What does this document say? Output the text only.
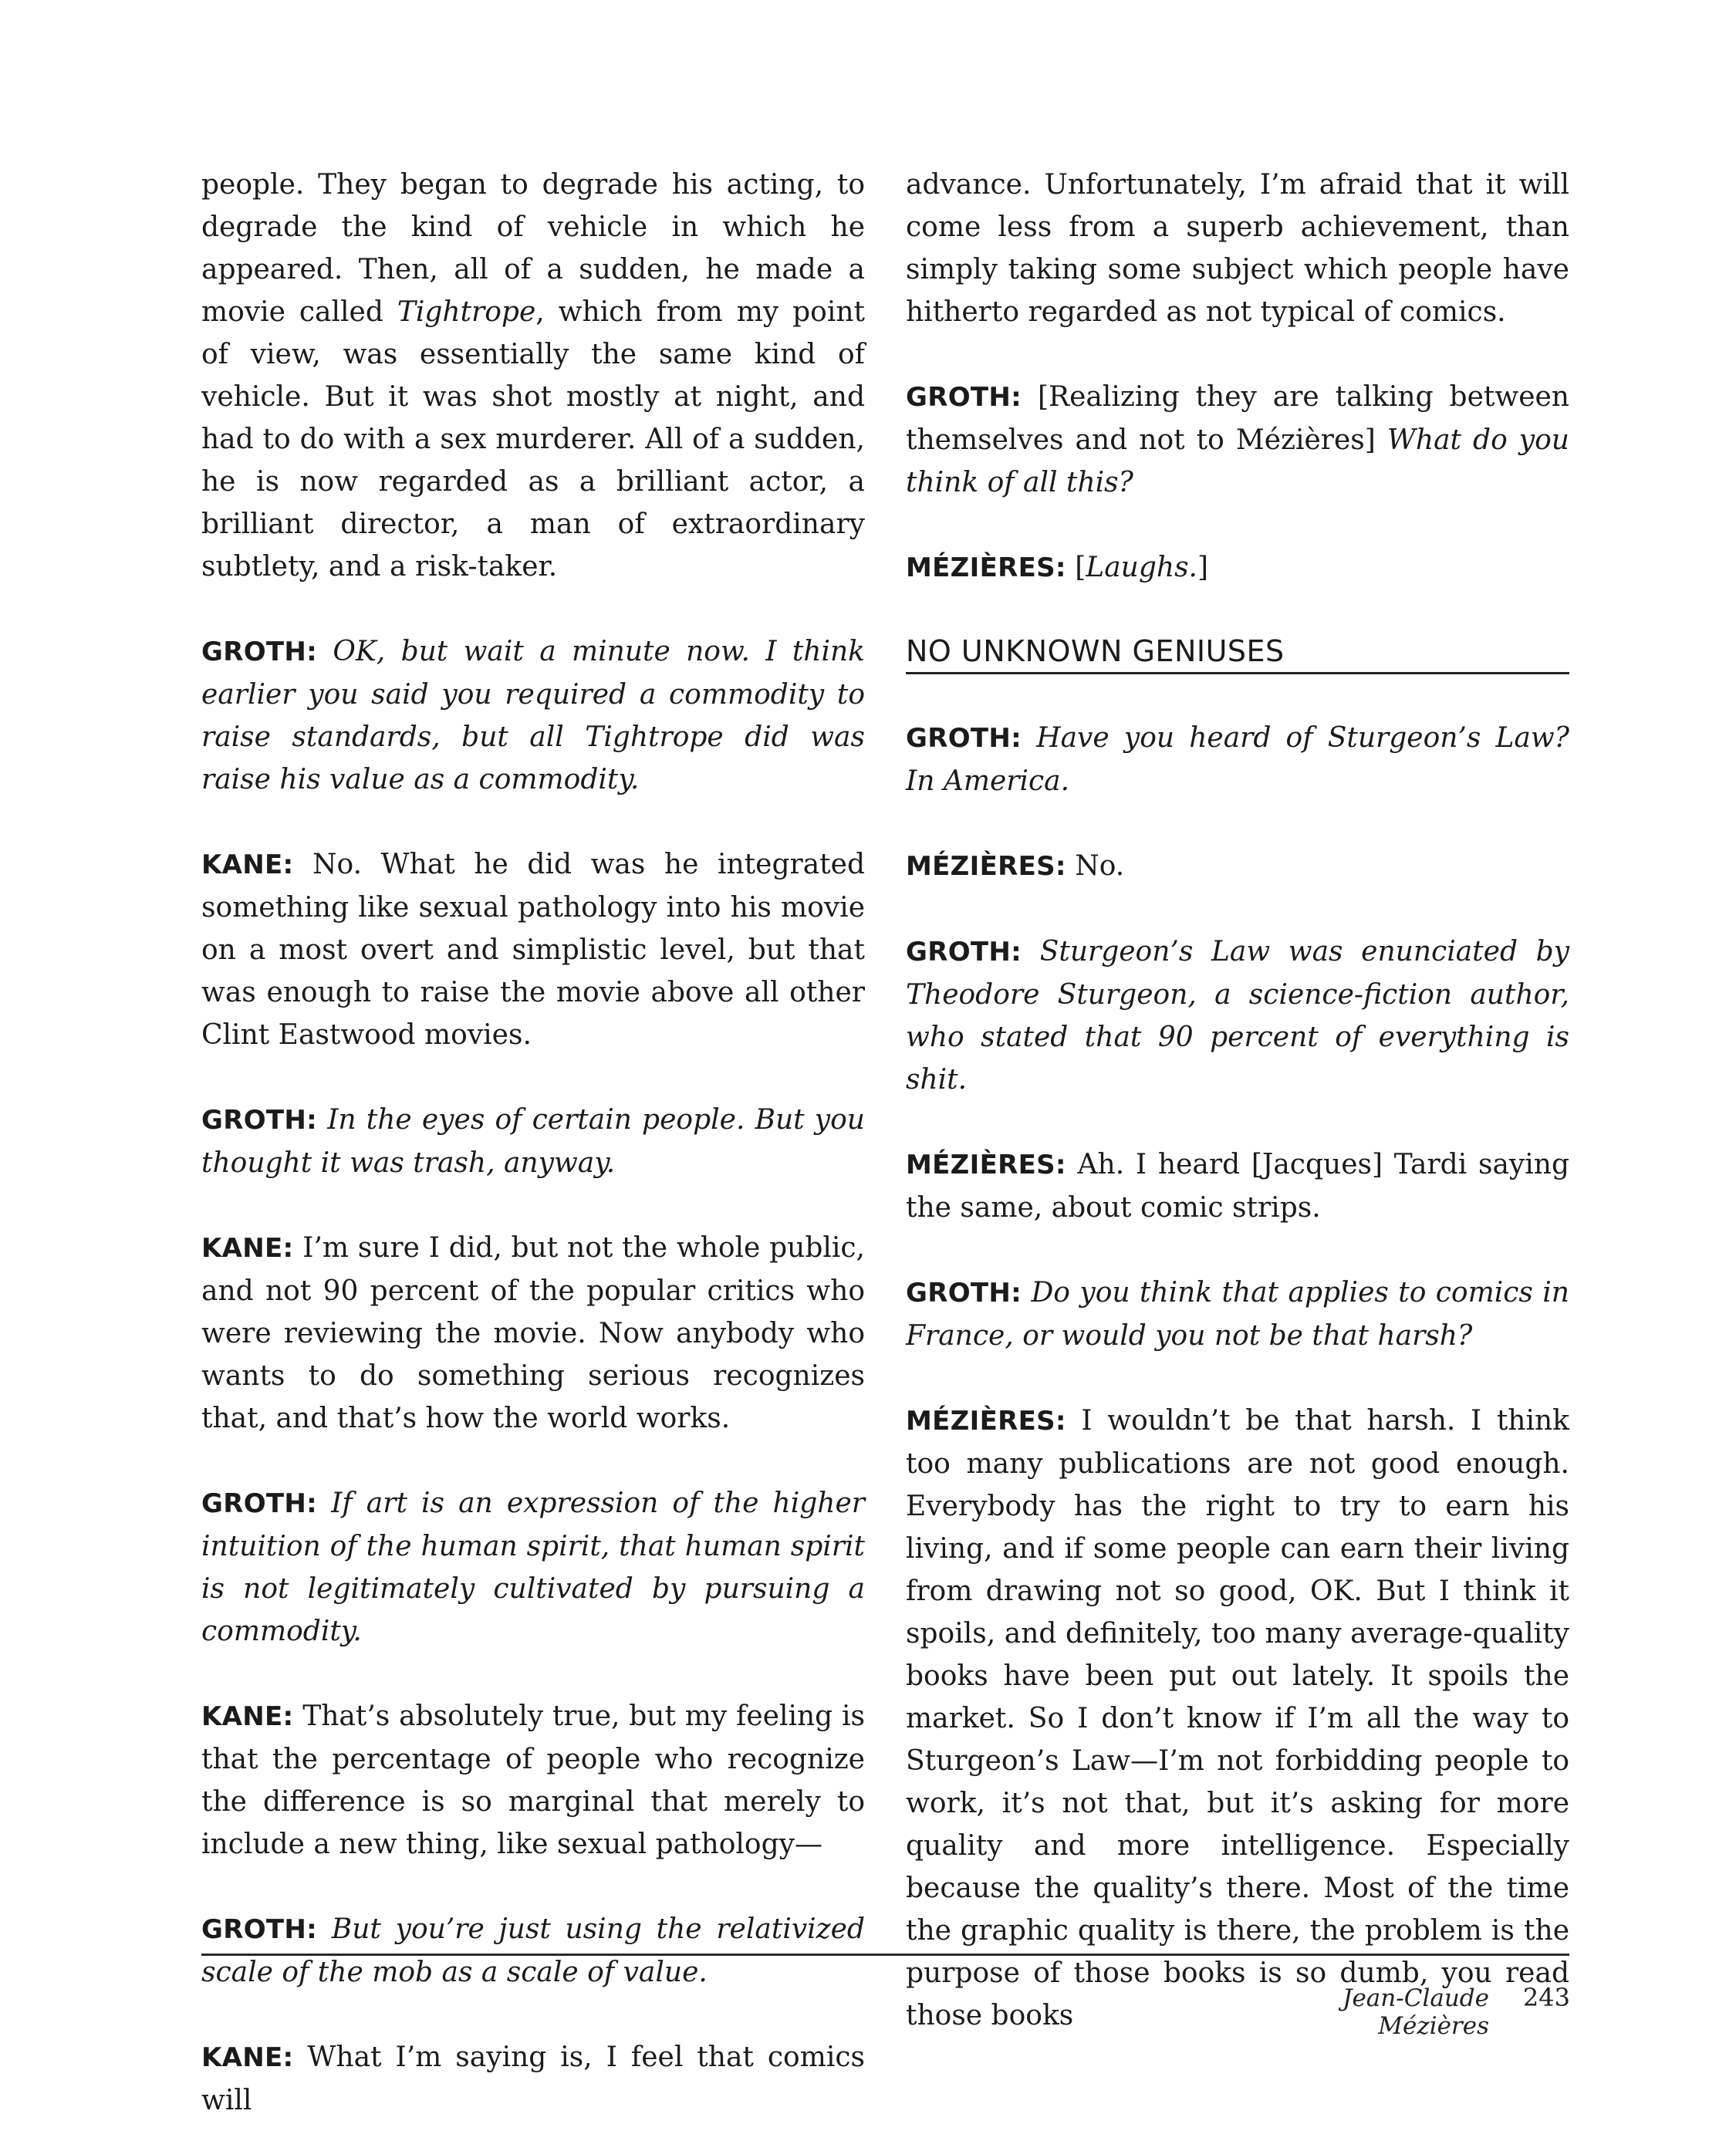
people. They began to degrade his acting, to degrade the kind of vehicle in which he appeared. Then, all of a sudden, he made a movie called Tightrope, which from my point of view, was essentially the same kind of vehicle. But it was shot mostly at night, and had to do with a sex murderer. All of a sudden, he is now regarded as a brilliant actor, a brilliant director, a man of extraordinary subtlety, and a risk-taker.

GROTH: OK, but wait a minute now. I think earlier you said you required a commodity to raise standards, but all Tightrope did was raise his value as a commodity.

KANE: No. What he did was he integrated something like sexual pathology into his movie on a most overt and simplistic level, but that was enough to raise the movie above all other Clint Eastwood movies.

GROTH: In the eyes of certain people. But you thought it was trash, anyway.

KANE: I’m sure I did, but not the whole public, and not 90 percent of the popular critics who were reviewing the movie. Now anybody who wants to do something serious recognizes that, and that’s how the world works.

GROTH: If art is an expression of the higher intuition of the human spirit, that human spirit is not legitimately cultivated by pursuing a commodity.

KANE: That’s absolutely true, but my feeling is that the percentage of people who recognize the difference is so marginal that merely to include a new thing, like sexual pathology—

GROTH: But you’re just using the relativized scale of the mob as a scale of value.

KANE: What I’m saying is, I feel that comics will

advance. Unfortunately, I’m afraid that it will come less from a superb achievement, than simply taking some subject which people have hitherto regarded as not typical of comics.

GROTH: [Realizing they are talking between themselves and not to Mézières] What do you think of all this?

MÉZIÈRES: [Laughs.]

NO UNKNOWN GENIUSES

GROTH: Have you heard of Sturgeon’s Law? In America.

MÉZIÈRES: No.

GROTH: Sturgeon’s Law was enunciated by Theodore Sturgeon, a science-fiction author, who stated that 90 percent of everything is shit.

MÉZIÈRES: Ah. I heard [Jacques] Tardi saying the same, about comic strips.

GROTH: Do you think that applies to comics in France, or would you not be that harsh?

MÉZIÈRES: I wouldn’t be that harsh. I think too many publications are not good enough. Everybody has the right to try to earn his living, and if some people can earn their living from drawing not so good, OK. But I think it spoils, and definitely, too many average-quality books have been put out lately. It spoils the market. So I don’t know if I’m all the way to Sturgeon’s Law—I’m not forbidding people to work, it’s not that, but it’s asking for more quality and more intelligence. Especially because the quality’s there. Most of the time the graphic quality is there, the problem is the purpose of those books is so dumb, you read those books

Jean-Claude Mézières
243
